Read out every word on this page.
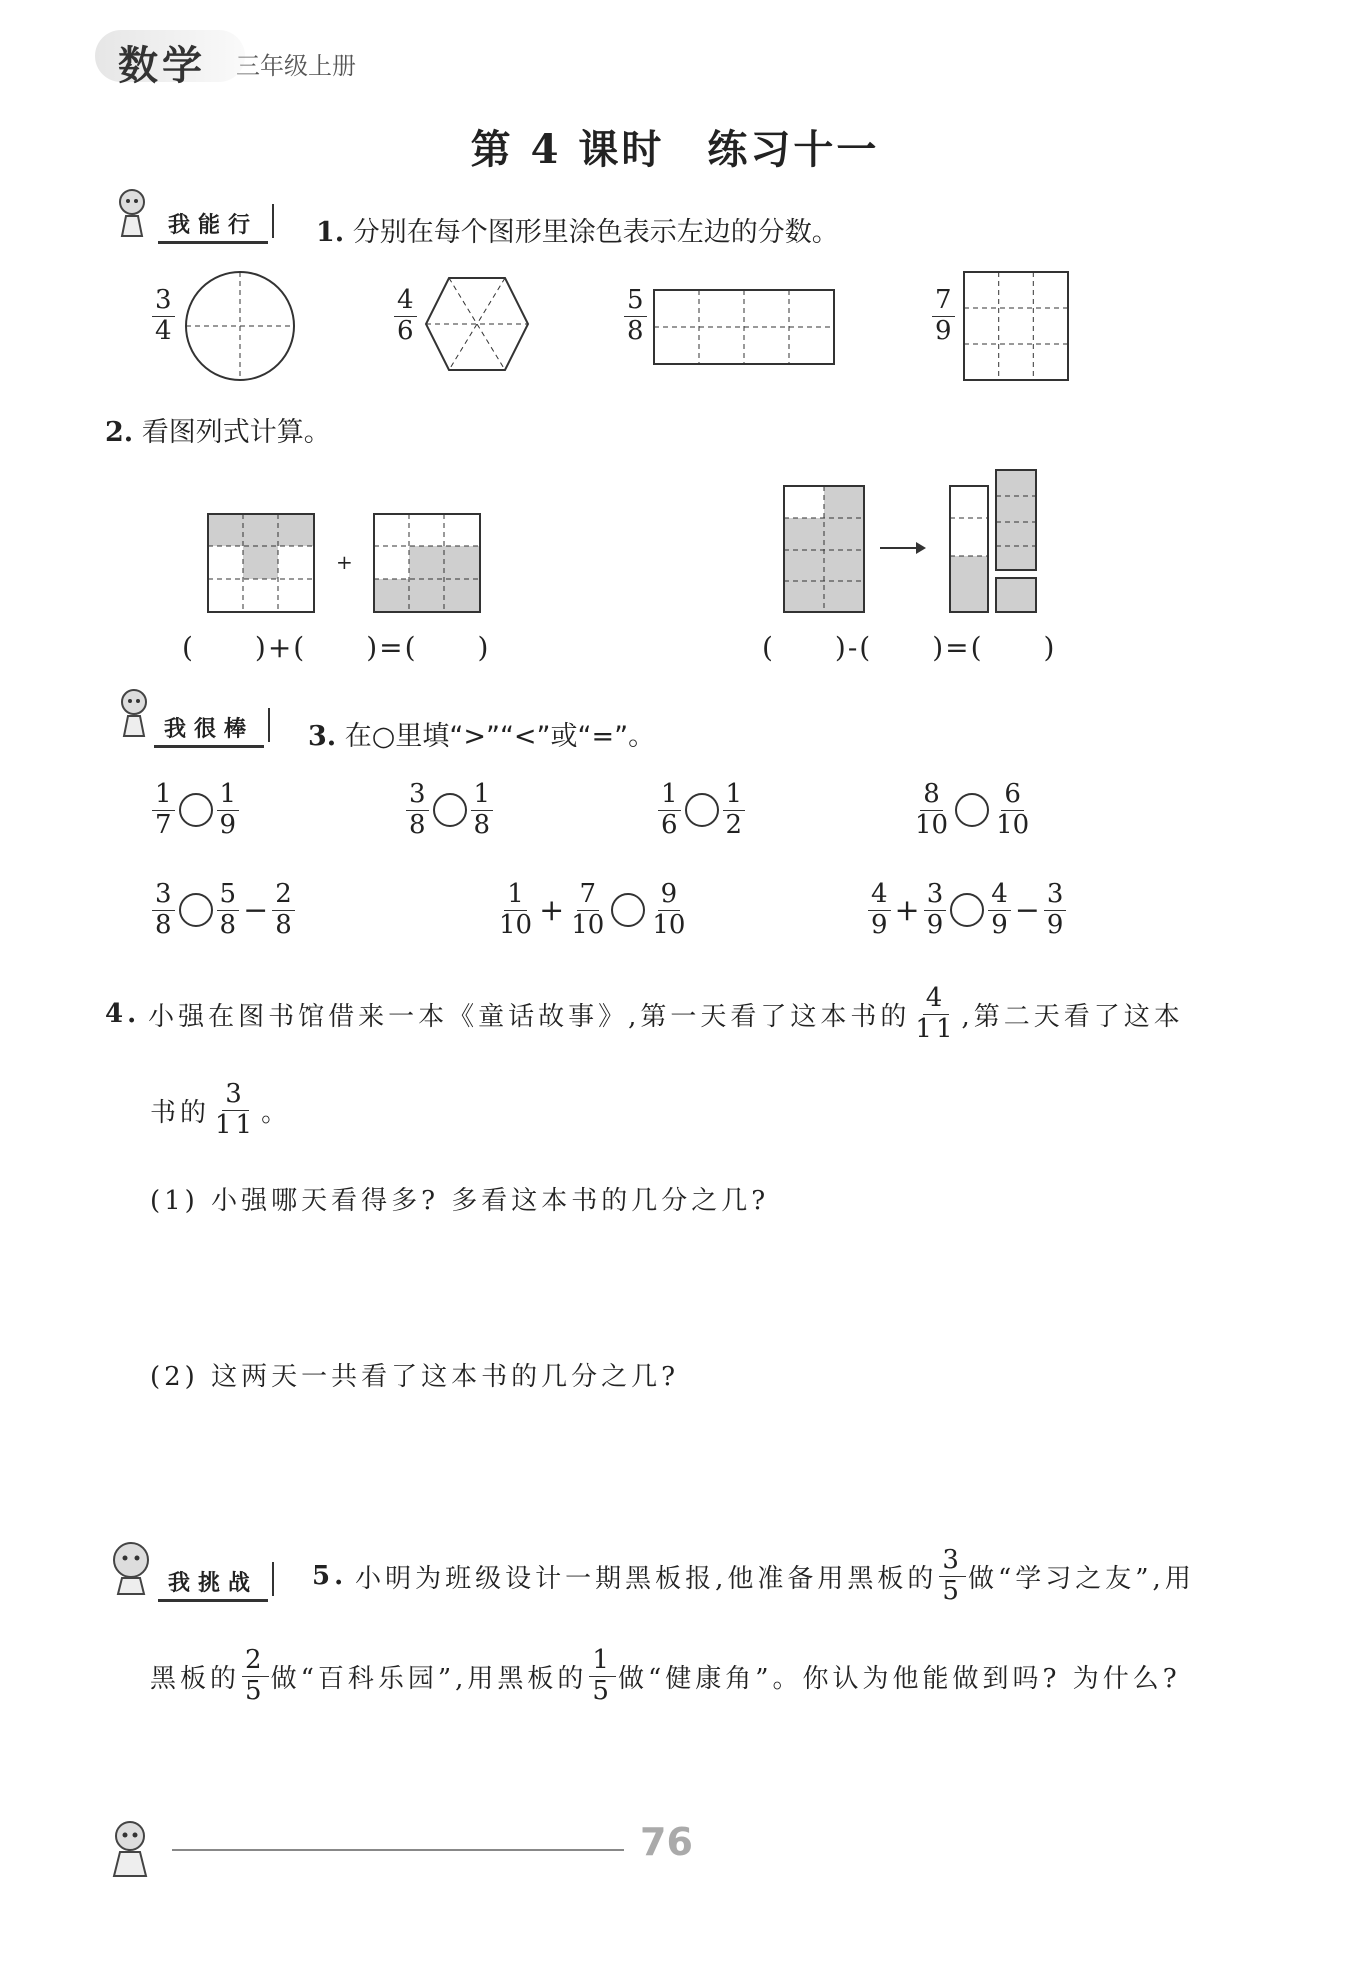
数学 三年级上册
第 4 课时　练习十一
我能行	1. 分别在每个图形里涂色表示左边的分数。
$\frac{3}{4}$	$\frac{4}{6}$	$\frac{5}{8}$	$\frac{7}{9}$
2. 看图列式计算。
+
(　　)+(　　)=(　　)	(　　)-(　　)=(　　)
我很棒	3. 在○里填“>”“<”或“=”。
$\frac{1}{7} \frac{1}{9}$	$\frac{3}{8} \frac{1}{8}$	$\frac{1}{6} \frac{1}{2}$	$\frac{8}{10} \frac{6}{10}$
$\frac{3}{8} \frac{5}{8} - \frac{2}{8}$	$\frac{1}{10} + \frac{7}{10} \frac{9}{10}$	$\frac{4}{9} + \frac{3}{9} \frac{4}{9} - \frac{3}{9}$
4. 小强在图书馆借来一本《童话故事》,第一天看了这本书的 $\frac{4}{11}$ ,第二天看了这本
书的 $\frac{3}{11}$ 。
(1) 小强哪天看得多? 多看这本书的几分之几?
(2) 这两天一共看了这本书的几分之几?
我挑战	5. 小明为班级设计一期黑板报,他准备用黑板的 $\frac{3}{5}$ 做“学习之友”,用
黑板的 $\frac{2}{5}$ 做“百科乐园”,用黑板的 $\frac{1}{5}$ 做“健康角”。你认为他能做到吗? 为什么?
76
